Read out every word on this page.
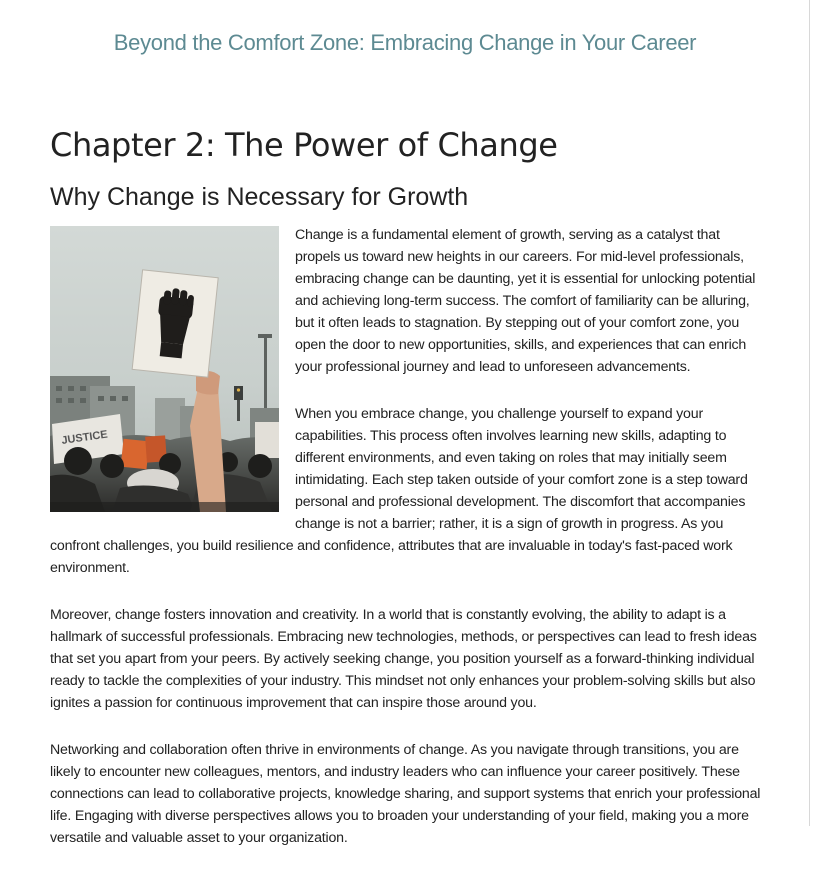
Beyond the Comfort Zone: Embracing Change in Your Career
Chapter 2: The Power of Change
Why Change is Necessary for Growth
JUSTICE

Change is a fundamental element of growth, serving as a catalyst that propels us toward new heights in our careers. For mid-level professionals, embracing change can be daunting, yet it is essential for unlocking potential and achieving long-term success. The comfort of familiarity can be alluring, but it often leads to stagnation. By stepping out of your comfort zone, you open the door to new opportunities, skills, and experiences that can enrich your professional journey and lead to unforeseen advancements.

When you embrace change, you challenge yourself to expand your capabilities. This process often involves learning new skills, adapting to different environments, and even taking on roles that may initially seem intimidating. Each step taken outside of your comfort zone is a step toward personal and professional development. The discomfort that accompanies change is not a barrier; rather, it is a sign of growth in progress. As you confront challenges, you build resilience and confidence, attributes that are invaluable in today's fast-paced work environment.

Moreover, change fosters innovation and creativity. In a world that is constantly evolving, the ability to adapt is a hallmark of successful professionals. Embracing new technologies, methods, or perspectives can lead to fresh ideas that set you apart from your peers. By actively seeking change, you position yourself as a forward-thinking individual ready to tackle the complexities of your industry. This mindset not only enhances your problem-solving skills but also ignites a passion for continuous improvement that can inspire those around you.

Networking and collaboration often thrive in environments of change. As you navigate through transitions, you are likely to encounter new colleagues, mentors, and industry leaders who can influence your career positively. These connections can lead to collaborative projects, knowledge sharing, and support systems that enrich your professional life. Engaging with diverse perspectives allows you to broaden your understanding of your field, making you a more versatile and valuable asset to your organization.
